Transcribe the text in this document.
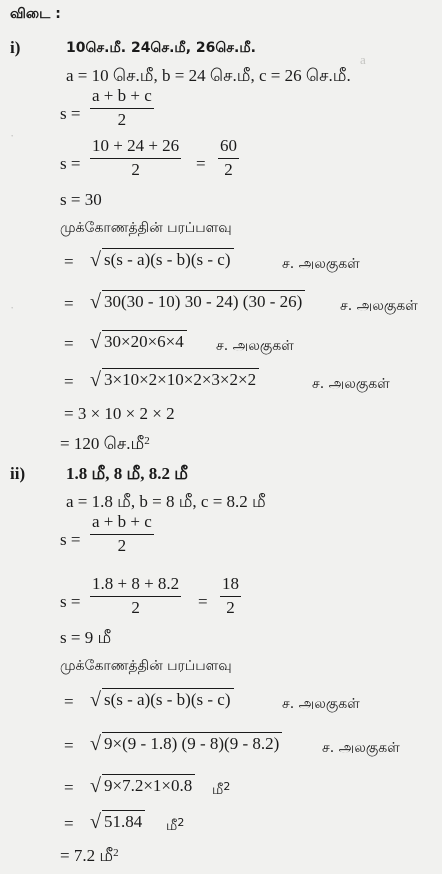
a
·
·
விடை :
i)	10செ.மீ. 24செ.மீ, 26செ.மீ.
a = 10 செ.மீ, b = 24 செ.மீ, c = 26 செ.மீ.
$s = \frac{a + b + c}{2}$
$s = \frac{10 + 24 + 26}{2} = \frac{60}{2}$
s = 30
முக்கோணத்தின் பரப்பளவு
= √ s(s - a)(s - b)(s - c)	ச. அலகுகள்
= √ 30(30 - 10) 30 - 24) (30 - 26)	ச. அலகுகள்
= √ 30×20×6×4 ச. அலகுகள்
= √ 3×10×2×10×2×3×2×2	ச. அலகுகள்
= 3 × 10 × 2 × 2
= 120 செ.மீ$^2$
ii) 1.8 மீ, 8 மீ, 8.2 மீ
a = 1.8 மீ, b = 8 மீ, c = 8.2 மீ
$s = \frac{a + b + c}{2}$
$s = \frac{1.8 + 8 + 8.2}{2} = \frac{18}{2}$
s = 9 மீ
முக்கோணத்தின் பரப்பளவு
= √ s(s - a)(s - b)(s - c)	ச. அலகுகள்
= √ 9×(9 - 1.8) (9 - 8)(9 - 8.2)	ச. அலகுகள்
= √ 9×7.2×1×0.8 மீ$^2$
= √ 51.84 மீ$^2$
= 7.2 மீ$^2$
